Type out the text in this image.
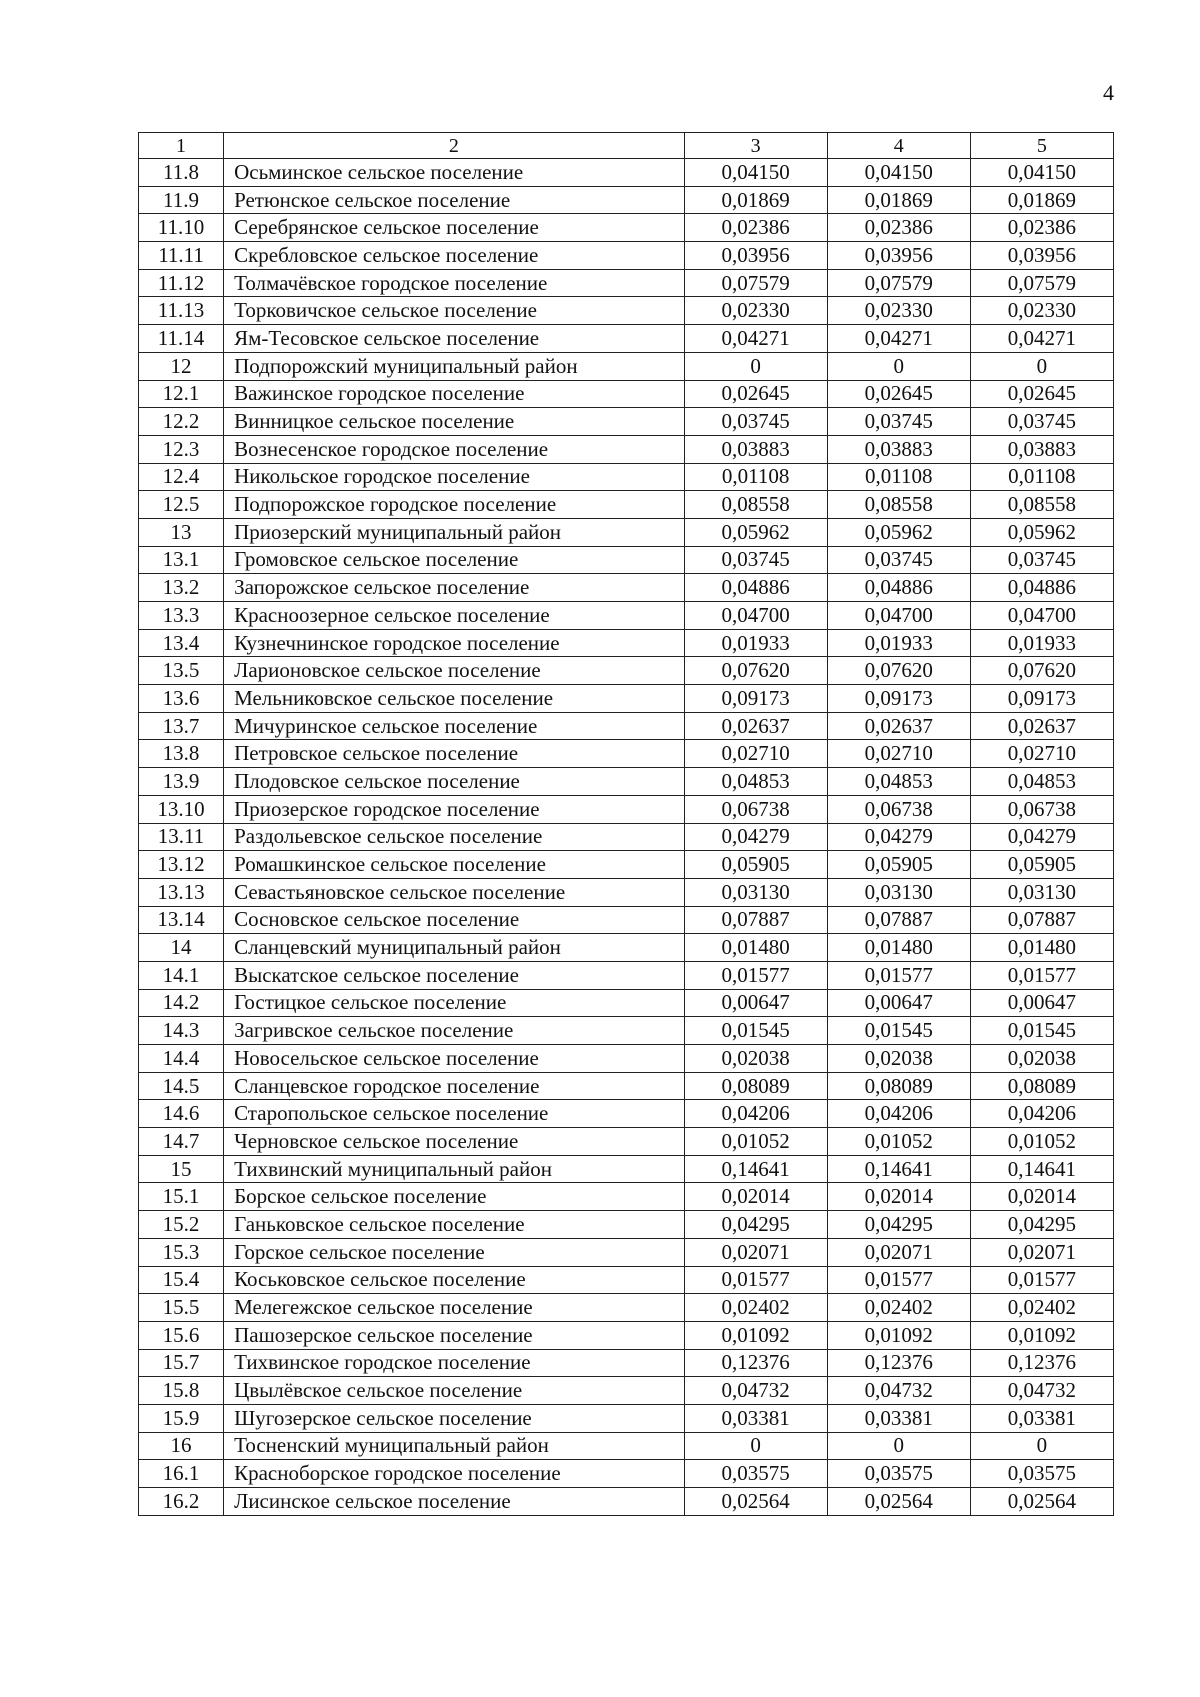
4
1	2	3	4	5
11.8	Осьминское сельское поселение	0,04150	0,04150	0,04150
11.9	Ретюнское сельское поселение	0,01869	0,01869	0,01869
11.10	Серебрянское сельское поселение	0,02386	0,02386	0,02386
11.11	Скребловское сельское поселение	0,03956	0,03956	0,03956
11.12	Толмачёвское городское поселение	0,07579	0,07579	0,07579
11.13	Торковичское сельское поселение	0,02330	0,02330	0,02330
11.14	Ям-Тесовское сельское поселение	0,04271	0,04271	0,04271
12	Подпорожский муниципальный район	0	0	0
12.1	Важинское городское поселение	0,02645	0,02645	0,02645
12.2	Винницкое сельское поселение	0,03745	0,03745	0,03745
12.3	Вознесенское городское поселение	0,03883	0,03883	0,03883
12.4	Никольское городское поселение	0,01108	0,01108	0,01108
12.5	Подпорожское городское поселение	0,08558	0,08558	0,08558
13	Приозерский муниципальный район	0,05962	0,05962	0,05962
13.1	Громовское сельское поселение	0,03745	0,03745	0,03745
13.2	Запорожское сельское поселение	0,04886	0,04886	0,04886
13.3	Красноозерное сельское поселение	0,04700	0,04700	0,04700
13.4	Кузнечнинское городское поселение	0,01933	0,01933	0,01933
13.5	Ларионовское сельское поселение	0,07620	0,07620	0,07620
13.6	Мельниковское сельское поселение	0,09173	0,09173	0,09173
13.7	Мичуринское сельское поселение	0,02637	0,02637	0,02637
13.8	Петровское сельское поселение	0,02710	0,02710	0,02710
13.9	Плодовское сельское поселение	0,04853	0,04853	0,04853
13.10	Приозерское городское поселение	0,06738	0,06738	0,06738
13.11	Раздольевское сельское поселение	0,04279	0,04279	0,04279
13.12	Ромашкинское сельское поселение	0,05905	0,05905	0,05905
13.13	Севастьяновское сельское поселение	0,03130	0,03130	0,03130
13.14	Сосновское сельское поселение	0,07887	0,07887	0,07887
14	Сланцевский муниципальный район	0,01480	0,01480	0,01480
14.1	Выскатское сельское поселение	0,01577	0,01577	0,01577
14.2	Гостицкое сельское поселение	0,00647	0,00647	0,00647
14.3	Загривское сельское поселение	0,01545	0,01545	0,01545
14.4	Новосельское сельское поселение	0,02038	0,02038	0,02038
14.5	Сланцевское городское поселение	0,08089	0,08089	0,08089
14.6	Старопольское сельское поселение	0,04206	0,04206	0,04206
14.7	Черновское сельское поселение	0,01052	0,01052	0,01052
15	Тихвинский муниципальный район	0,14641	0,14641	0,14641
15.1	Борское сельское поселение	0,02014	0,02014	0,02014
15.2	Ганьковское сельское поселение	0,04295	0,04295	0,04295
15.3	Горское сельское поселение	0,02071	0,02071	0,02071
15.4	Коськовское сельское поселение	0,01577	0,01577	0,01577
15.5	Мелегежское сельское поселение	0,02402	0,02402	0,02402
15.6	Пашозерское сельское поселение	0,01092	0,01092	0,01092
15.7	Тихвинское городское поселение	0,12376	0,12376	0,12376
15.8	Цвылёвское сельское поселение	0,04732	0,04732	0,04732
15.9	Шугозерское сельское поселение	0,03381	0,03381	0,03381
16	Тосненский муниципальный район	0	0	0
16.1	Красноборское городское поселение	0,03575	0,03575	0,03575
16.2	Лисинское сельское поселение	0,02564	0,02564	0,02564
